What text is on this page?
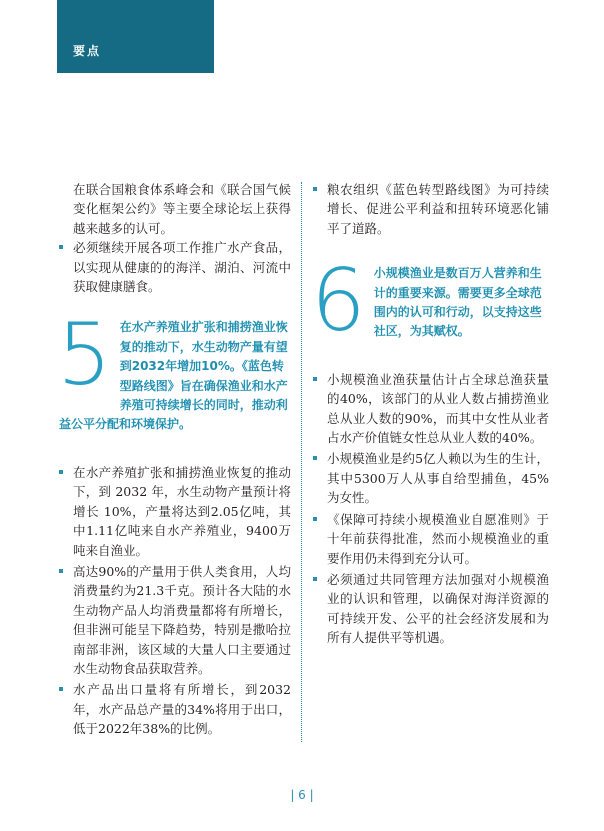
要点

在联合国粮食体系峰会和《联合国气候变化框架公约》等主要全球论坛上获得越来越多的认可。

必须继续开展各项工作推广水产食品，以实现从健康的的海洋、湖泊、河流中获取健康膳食。
5 在水产养殖业扩张和捕捞渔业恢复的推动下，水生动物产量有望到2032年增加10%。《蓝色转型路线图》旨在确保渔业和水产养殖可持续增长的同时，推动利益公平分配和环境保护。
在水产养殖扩张和捕捞渔业恢复的推动下，到 2032 年，水生动物产量预计将增长 10%，产量将达到2.05亿吨，其中1.11亿吨来自水产养殖业，9400万吨来自渔业。
高达90%的产量用于供人类食用，人均消费量约为21.3千克。预计各大陆的水生动物产品人均消费量都将有所增长，但非洲可能呈下降趋势，特别是撒哈拉南部非洲，该区域的大量人口主要通过水生动物食品获取营养。
水产品出口量将有所增长，到2032年，水产品总产量的34%将用于出口，低于2022年38%的比例。
粮农组织《蓝色转型路线图》为可持续增长、促进公平利益和扭转环境恶化铺平了道路。
6 小规模渔业是数百万人营养和生计的重要来源。需要更多全球范围内的认可和行动，以支持这些社区，为其赋权。
小规模渔业渔获量估计占全球总渔获量的40%，该部门的从业人数占捕捞渔业总从业人数的90%，而其中女性从业者占水产价值链女性总从业人数的40%。
小规模渔业是约5亿人赖以为生的生计，其中5300万人从事自给型捕鱼，45%为女性。
《保障可持续小规模渔业自愿准则》于十年前获得批准，然而小规模渔业的重要作用仍未得到充分认可。
必须通过共同管理方法加强对小规模渔业的认识和管理，以确保对海洋资源的可持续开发、公平的社会经济发展和为所有人提供平等机遇。
| 6 |
